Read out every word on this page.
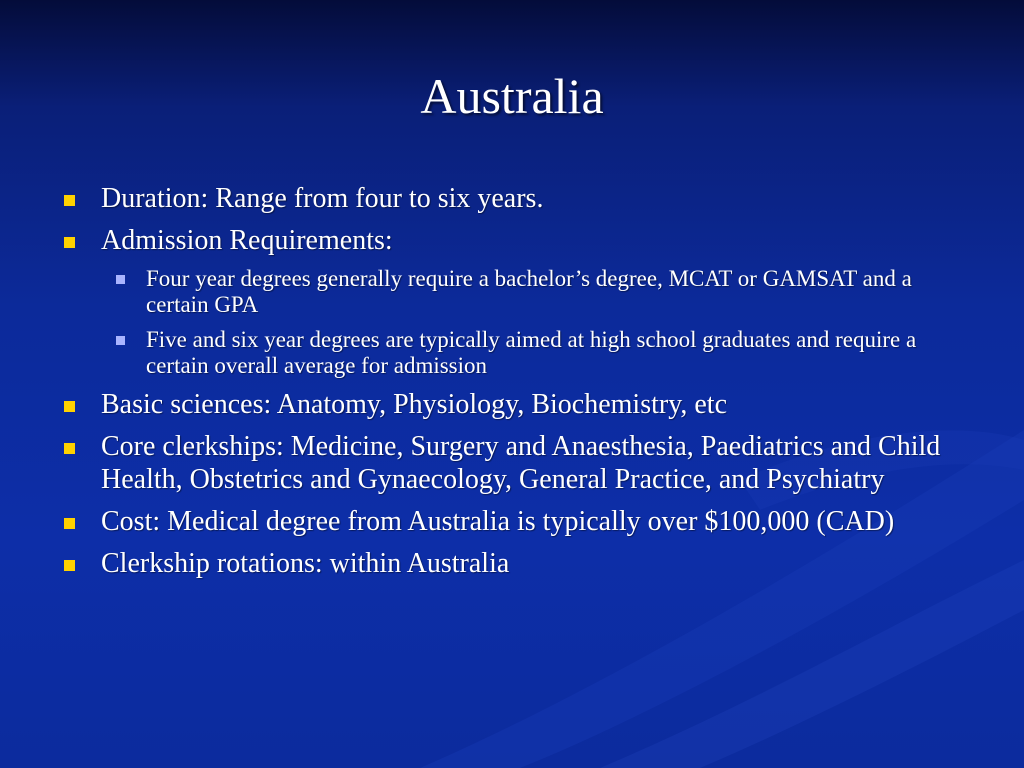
Australia
Duration: Range from four to six years.
Admission Requirements:
Four year degrees generally require a bachelor’s degree, MCAT or GAMSAT and a certain GPA
Five and six year degrees are typically aimed at high school graduates and require a certain overall average for admission
Basic sciences: Anatomy, Physiology, Biochemistry, etc
Core clerkships: Medicine, Surgery and Anaesthesia, Paediatrics and Child Health, Obstetrics and Gynaecology, General Practice, and Psychiatry
Cost: Medical degree from Australia is typically over $100,000 (CAD)
Clerkship rotations: within Australia
